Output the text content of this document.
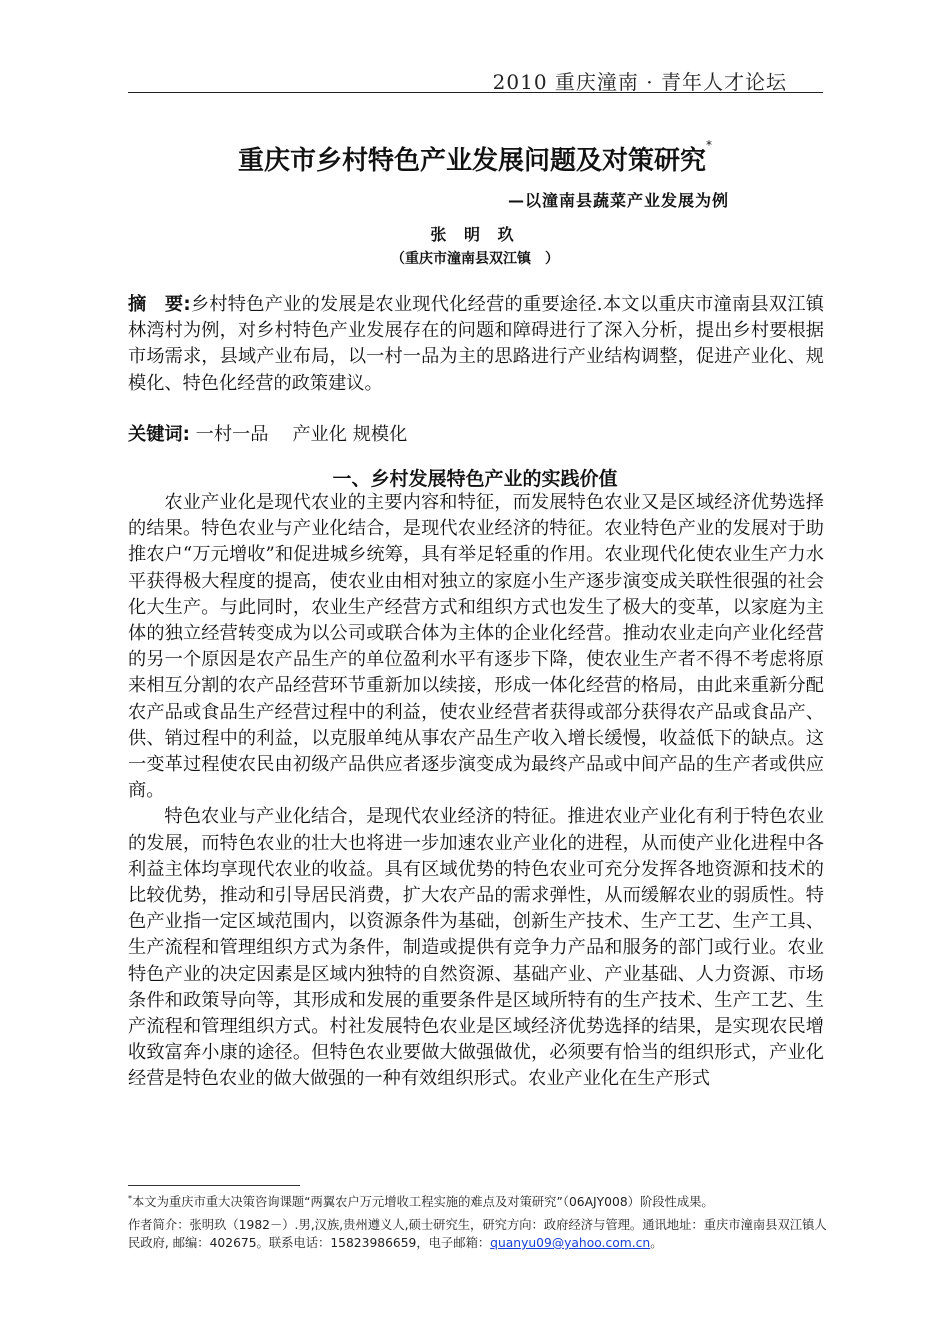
2010 重庆潼南 · 青年人才论坛
重庆市乡村特色产业发展问题及对策研究*
—以潼南县蔬菜产业发展为例
张 明 玖
（重庆市潼南县双江镇　）
摘　要:乡村特色产业的发展是农业现代化经营的重要途径.本文以重庆市潼南县双江镇林湾村为例，对乡村特色产业发展存在的问题和障碍进行了深入分析，提出乡村要根据市场需求，县域产业布局，以一村一品为主的思路进行产业结构调整，促进产业化、规模化、特色化经营的政策建议。
关键词: 一村一品　 产业化 规模化
一、乡村发展特色产业的实践价值

农业产业化是现代农业的主要内容和特征，而发展特色农业又是区域经济优势选择的结果。特色农业与产业化结合，是现代农业经济的特征。农业特色产业的发展对于助推农户“万元增收”和促进城乡统筹，具有举足轻重的作用。农业现代化使农业生产力水平获得极大程度的提高，使农业由相对独立的家庭小生产逐步演变成关联性很强的社会化大生产。与此同时，农业生产经营方式和组织方式也发生了极大的变革，以家庭为主体的独立经营转变成为以公司或联合体为主体的企业化经营。推动农业走向产业化经营的另一个原因是农产品生产的单位盈利水平有逐步下降，使农业生产者不得不考虑将原来相互分割的农产品经营环节重新加以续接，形成一体化经营的格局，由此来重新分配农产品或食品生产经营过程中的利益，使农业经营者获得或部分获得农产品或食品产、供、销过程中的利益，以克服单纯从事农产品生产收入增长缓慢，收益低下的缺点。这一变革过程使农民由初级产品供应者逐步演变成为最终产品或中间产品的生产者或供应商。

特色农业与产业化结合，是现代农业经济的特征。推进农业产业化有利于特色农业的发展，而特色农业的壮大也将进一步加速农业产业化的进程，从而使产业化进程中各利益主体均享现代农业的收益。具有区域优势的特色农业可充分发挥各地资源和技术的比较优势，推动和引导居民消费，扩大农产品的需求弹性，从而缓解农业的弱质性。特色产业指一定区域范围内，以资源条件为基础，创新生产技术、生产工艺、生产工具、生产流程和管理组织方式为条件，制造或提供有竞争力产品和服务的部门或行业。农业特色产业的决定因素是区域内独特的自然资源、基础产业、产业基础、人力资源、市场条件和政策导向等，其形成和发展的重要条件是区域所特有的生产技术、生产工艺、生产流程和管理组织方式。村社发展特色农业是区域经济优势选择的结果，是实现农民增收致富奔小康的途径。但特色农业要做大做强做优，必须要有恰当的组织形式，产业化经营是特色农业的做大做强的一种有效组织形式。农业产业化在生产形式

*本文为重庆市重大决策咨询课题“两翼农户万元增收工程实施的难点及对策研究”（06AJY008）阶段性成果。
作者简介：张明玖（1982－）.男,汉族,贵州遵义人,硕士研究生，研究方向：政府经济与管理。通讯地址：重庆市潼南县双江镇人民政府, 邮编：402675。联系电话：15823986659，电子邮箱：quanyu09@yahoo.com.cn。
